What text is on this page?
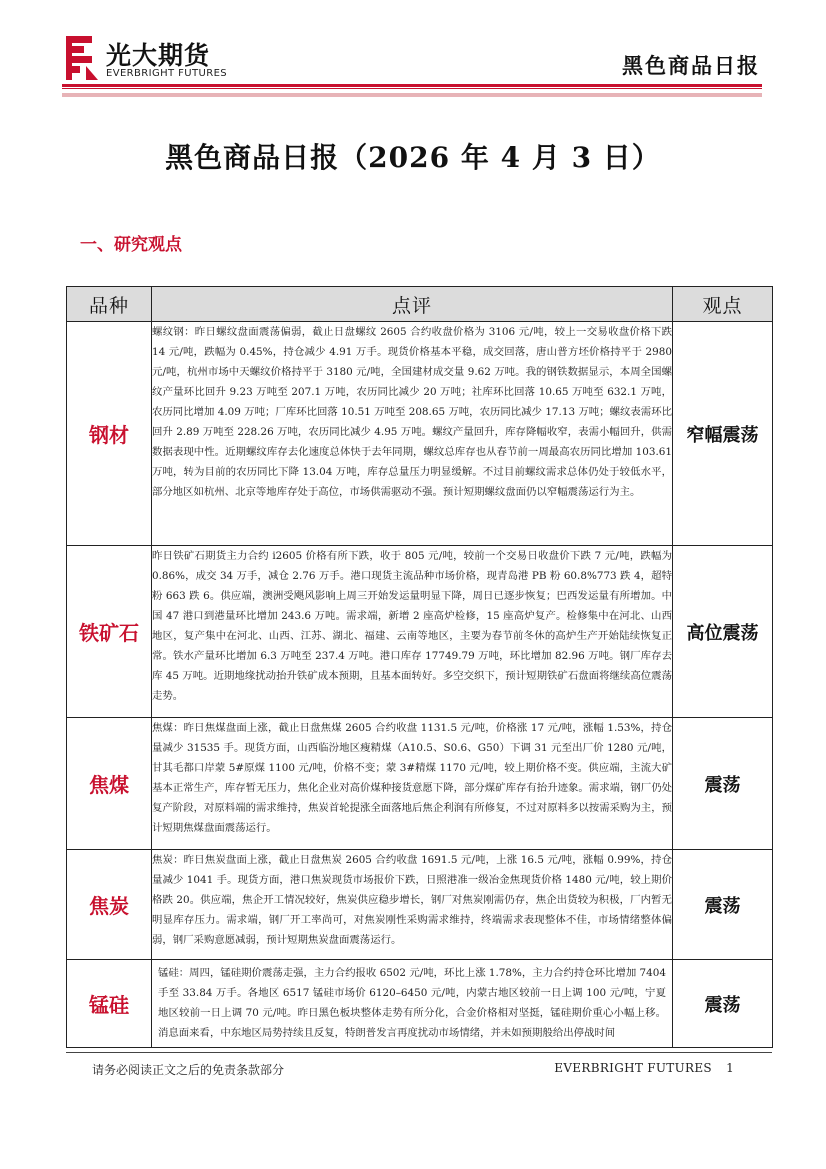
光大期货
EVERBRIGHT FUTURES	黑色商品日报
黑色商品日报（2026 年 4 月 3 日）
一、研究观点
品种	点评	观点
钢材	螺纹钢：昨日螺纹盘面震荡偏弱，截止日盘螺纹 2605 合约收盘价格为 3106 元/吨，较上一交易收盘价格下跌 14 元/吨，跌幅为 0.45%，持仓减少 4.91 万手。现货价格基本平稳，成交回落，唐山普方坯价格持平于 2980 元/吨，杭州市场中天螺纹价格持平于 3180 元/吨，全国建材成交量 9.62 万吨。我的钢铁数据显示，本周全国螺纹产量环比回升 9.23 万吨至 207.1 万吨，农历同比减少 20 万吨；社库环比回落 10.65 万吨至 632.1 万吨，农历同比增加 4.09 万吨；厂库环比回落 10.51 万吨至 208.65 万吨，农历同比减少 17.13 万吨；螺纹表需环比回升 2.89 万吨至 228.26 万吨，农历同比减少 4.95 万吨。螺纹产量回升，库存降幅收窄，表需小幅回升，供需数据表现中性。近期螺纹库存去化速度总体快于去年同期，螺纹总库存也从春节前一周最高农历同比增加 103.61 万吨，转为目前的农历同比下降 13.04 万吨，库存总量压力明显缓解。不过目前螺纹需求总体仍处于较低水平，部分地区如杭州、北京等地库存处于高位，市场供需驱动不强。预计短期螺纹盘面仍以窄幅震荡运行为主。	窄幅震荡
铁矿石	昨日铁矿石期货主力合约 i2605 价格有所下跌，收于 805 元/吨，较前一个交易日收盘价下跌 7 元/吨，跌幅为 0.86%，成交 34 万手，减仓 2.76 万手。港口现货主流品种市场价格，现青岛港 PB 粉 60.8%773 跌 4，超特粉 663 跌 6。供应端，澳洲受飓风影响上周三开始发运量明显下降，周日已逐步恢复；巴西发运量有所增加。中国 47 港口到港量环比增加 243.6 万吨。需求端，新增 2 座高炉检修，15 座高炉复产。检修集中在河北、山西地区，复产集中在河北、山西、江苏、湖北、福建、云南等地区，主要为春节前冬休的高炉生产开始陆续恢复正常。铁水产量环比增加 6.3 万吨至 237.4 万吨。港口库存 17749.79 万吨，环比增加 82.96 万吨。钢厂库存去库 45 万吨。近期地缘扰动抬升铁矿成本预期，且基本面转好。多空交织下，预计短期铁矿石盘面将继续高位震荡走势。	高位震荡
焦煤	焦煤：昨日焦煤盘面上涨，截止日盘焦煤 2605 合约收盘 1131.5 元/吨，价格涨 17 元/吨，涨幅 1.53%，持仓量减少 31535 手。现货方面，山西临汾地区瘦精煤（A10.5、S0.6、G50）下调 31 元至出厂价 1280 元/吨，甘其毛都口岸蒙 5#原煤 1100 元/吨，价格不变；蒙 3#精煤 1170 元/吨，较上期价格不变。供应端，主流大矿基本正常生产，库存暂无压力，焦化企业对高价煤种接货意愿下降，部分煤矿库存有抬升迹象。需求端，钢厂仍处复产阶段，对原料端的需求维持，焦炭首轮提涨全面落地后焦企利润有所修复，不过对原料多以按需采购为主，预计短期焦煤盘面震荡运行。	震荡
焦炭	焦炭：昨日焦炭盘面上涨，截止日盘焦炭 2605 合约收盘 1691.5 元/吨，上涨 16.5 元/吨，涨幅 0.99%，持仓量减少 1041 手。现货方面，港口焦炭现货市场报价下跌，日照港准一级冶金焦现货价格 1480 元/吨，较上期价格跌 20。供应端，焦企开工情况较好，焦炭供应稳步增长，钢厂对焦炭刚需仍存，焦企出货较为积极，厂内暂无明显库存压力。需求端，钢厂开工率尚可，对焦炭刚性采购需求维持，终端需求表现整体不佳，市场情绪整体偏弱，钢厂采购意愿减弱，预计短期焦炭盘面震荡运行。	震荡
锰硅	锰硅：周四，锰硅期价震荡走强，主力合约报收 6502 元/吨，环比上涨 1.78%，主力合约持仓环比增加 7404 手至 33.84 万手。各地区 6517 锰硅市场价 6120–6450 元/吨，内蒙古地区较前一日上调 100 元/吨，宁夏地区较前一日上调 70 元/吨。昨日黑色板块整体走势有所分化，合金价格相对坚挺，锰硅期价重心小幅上移。消息面来看，中东地区局势持续且反复，特朗普发言再度扰动市场情绪，并未如预期般给出停战时间	震荡
请务必阅读正文之后的免责条款部分	EVERBRIGHT FUTURES 1
